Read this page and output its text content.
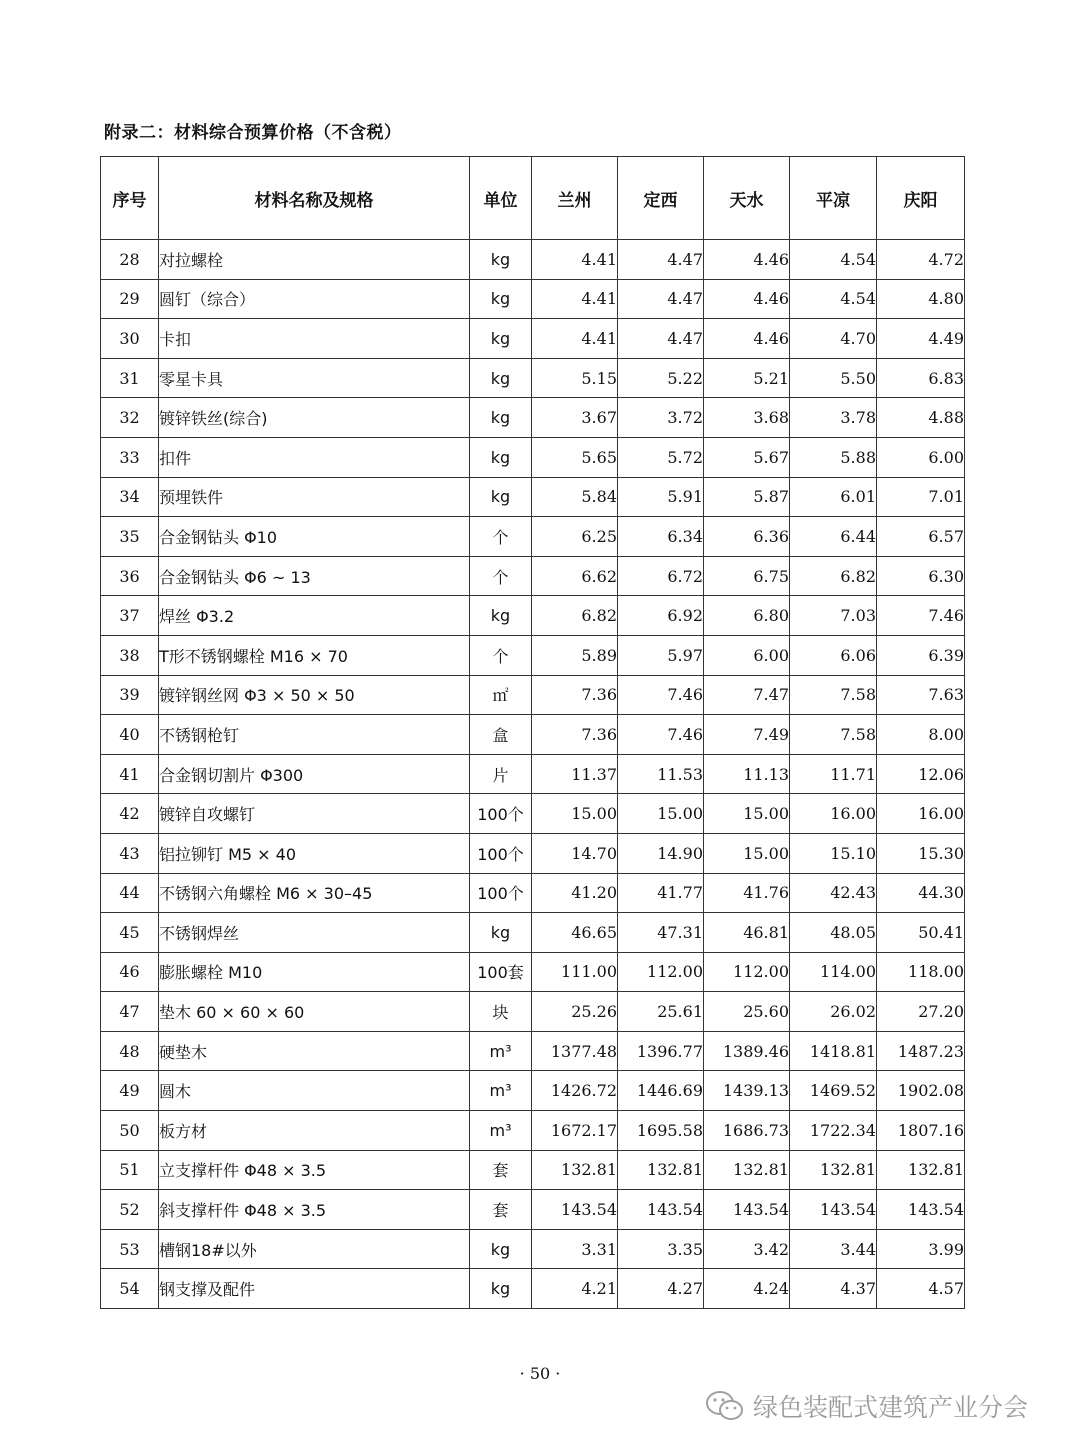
附录二：材料综合预算价格（不含税）
序号	材料名称及规格	单位	兰州	定西	天水	平凉	庆阳
28	对拉螺栓	kg	4.41	4.47	4.46	4.54	4.72
29	圆钉（综合）	kg	4.41	4.47	4.46	4.54	4.80
30	卡扣	kg	4.41	4.47	4.46	4.70	4.49
31	零星卡具	kg	5.15	5.22	5.21	5.50	6.83
32	镀锌铁丝(综合)	kg	3.67	3.72	3.68	3.78	4.88
33	扣件	kg	5.65	5.72	5.67	5.88	6.00
34	预埋铁件	kg	5.84	5.91	5.87	6.01	7.01
35	合金钢钻头 Φ10	个	6.25	6.34	6.36	6.44	6.57
36	合金钢钻头 Φ6 ~ 13	个	6.62	6.72	6.75	6.82	6.30
37	焊丝 Φ3.2	kg	6.82	6.92	6.80	7.03	7.46
38	T形不锈钢螺栓 M16 × 70	个	5.89	5.97	6.00	6.06	6.39
39	镀锌钢丝网 Φ3 × 50 × 50	㎡	7.36	7.46	7.47	7.58	7.63
40	不锈钢枪钉	盒	7.36	7.46	7.49	7.58	8.00
41	合金钢切割片 Φ300	片	11.37	11.53	11.13	11.71	12.06
42	镀锌自攻螺钉	100个	15.00	15.00	15.00	16.00	16.00
43	铝拉铆钉 M5 × 40	100个	14.70	14.90	15.00	15.10	15.30
44	不锈钢六角螺栓 M6 × 30–45	100个	41.20	41.77	41.76	42.43	44.30
45	不锈钢焊丝	kg	46.65	47.31	46.81	48.05	50.41
46	膨胀螺栓 M10	100套	111.00	112.00	112.00	114.00	118.00
47	垫木 60 × 60 × 60	块	25.26	25.61	25.60	26.02	27.20
48	硬垫木	m³	1377.48	1396.77	1389.46	1418.81	1487.23
49	圆木	m³	1426.72	1446.69	1439.13	1469.52	1902.08
50	板方材	m³	1672.17	1695.58	1686.73	1722.34	1807.16
51	立支撑杆件 Φ48 × 3.5	套	132.81	132.81	132.81	132.81	132.81
52	斜支撑杆件 Φ48 × 3.5	套	143.54	143.54	143.54	143.54	143.54
53	槽钢18#以外	kg	3.31	3.35	3.42	3.44	3.99
54	钢支撑及配件	kg	4.21	4.27	4.24	4.37	4.57
· 50 ·
绿色装配式建筑产业分会
